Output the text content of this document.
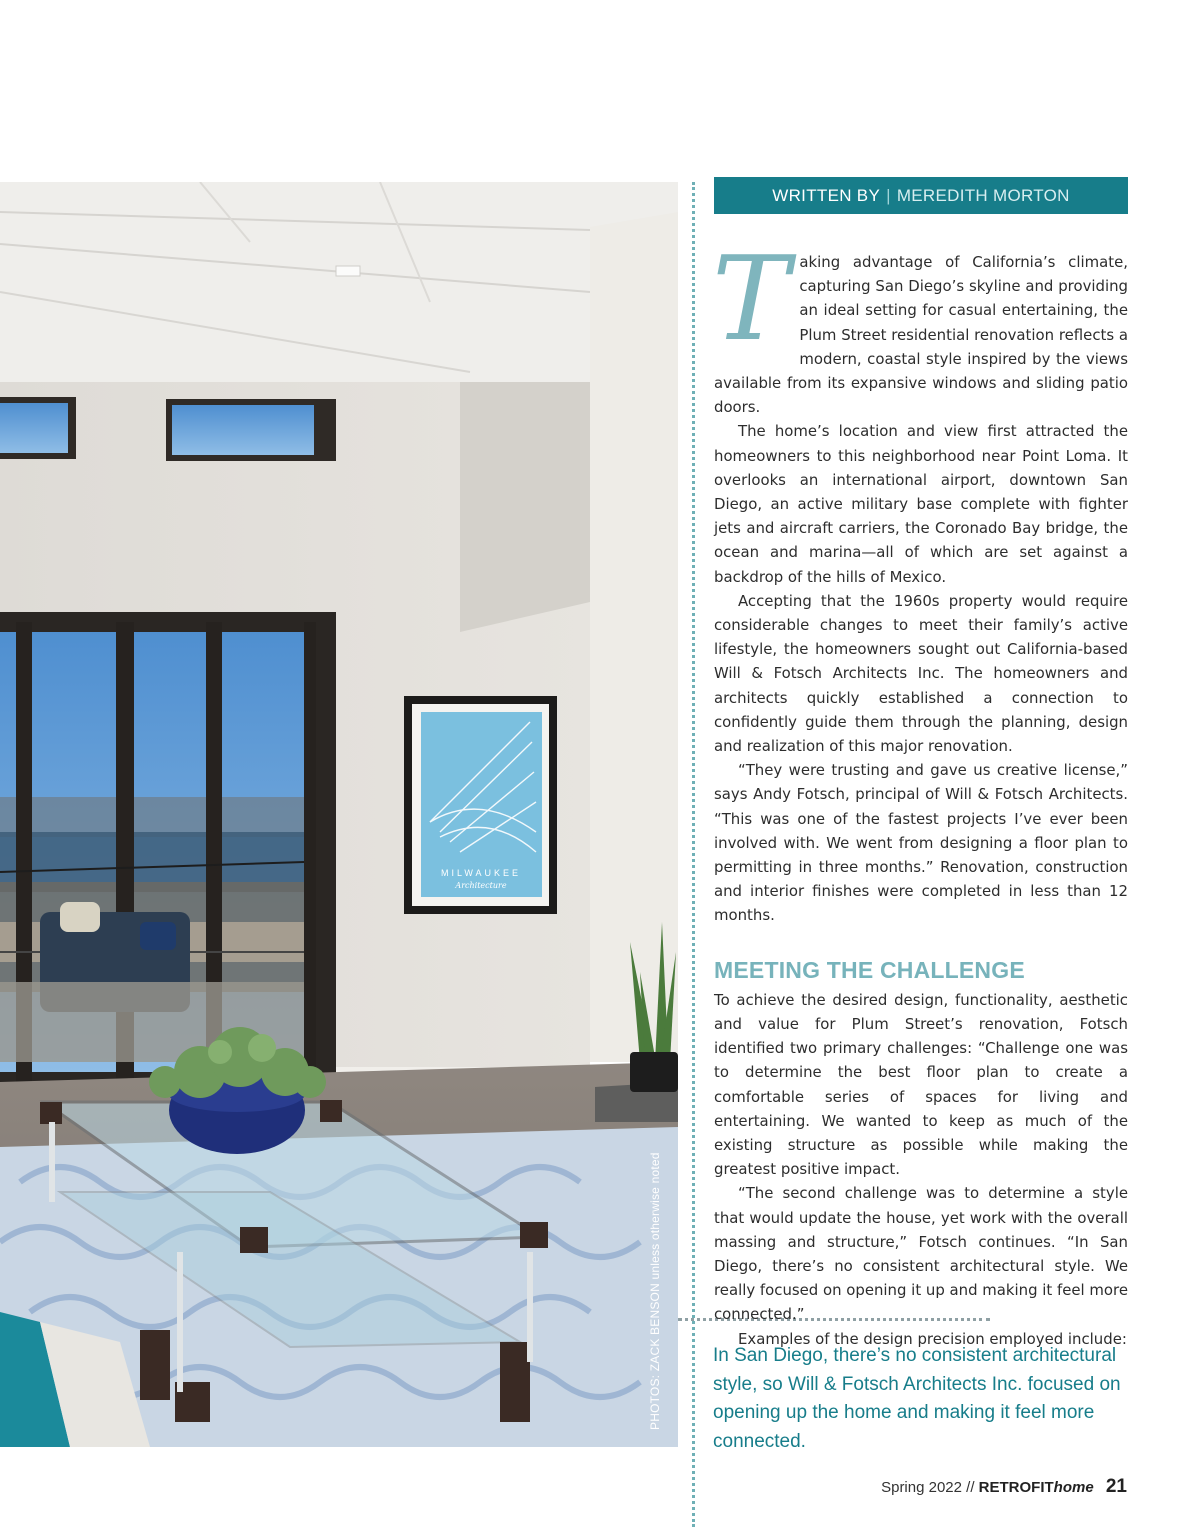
MILWAUKEE
Architecture
PHOTOS: ZACK BENSON unless otherwise noted
WRITTEN BY | MEREDITH MORTON
T aking advantage of California’s climate, capturing San Diego’s skyline and providing an ideal setting for casual entertaining, the Plum Street residential renovation reflects a modern, coastal style inspired by the views available from its expansive windows and sliding patio doors.

The home’s location and view first attracted the homeowners to this neighborhood near Point Loma. It overlooks an international airport, downtown San Diego, an active military base complete with fighter jets and aircraft carriers, the Coronado Bay bridge, the ocean and marina—all of which are set against a backdrop of the hills of Mexico.

Accepting that the 1960s property would require considerable changes to meet their family’s active lifestyle, the homeowners sought out California-based Will & Fotsch Architects Inc. The homeowners and architects quickly established a connection to confidently guide them through the planning, design and realization of this major renovation.

“They were trusting and gave us creative license,” says Andy Fotsch, principal of Will & Fotsch Architects. “This was one of the fastest projects I’ve ever been involved with. We went from designing a floor plan to permitting in three months.” Renovation, construction and interior finishes were completed in less than 12 months.

MEETING THE CHALLENGE

To achieve the desired design, functionality, aesthetic and value for Plum Street’s renovation, Fotsch identified two primary challenges: “Challenge one was to determine the best floor plan to create a comfortable series of spaces for living and entertaining. We wanted to keep as much of the existing structure as possible while making the greatest positive impact.

“The second challenge was to determine a style that would update the house, yet work with the overall massing and structure,” Fotsch continues. “In San Diego, there’s no consistent architectural style. We really focused on opening it up and making it feel more connected.”

Examples of the design precision employed include:

In San Diego, there’s no consistent architectural style, so Will & Fotsch Architects Inc. focused on opening up the home and making it feel more connected.

Spring 2022 // RETROFIThome 21
